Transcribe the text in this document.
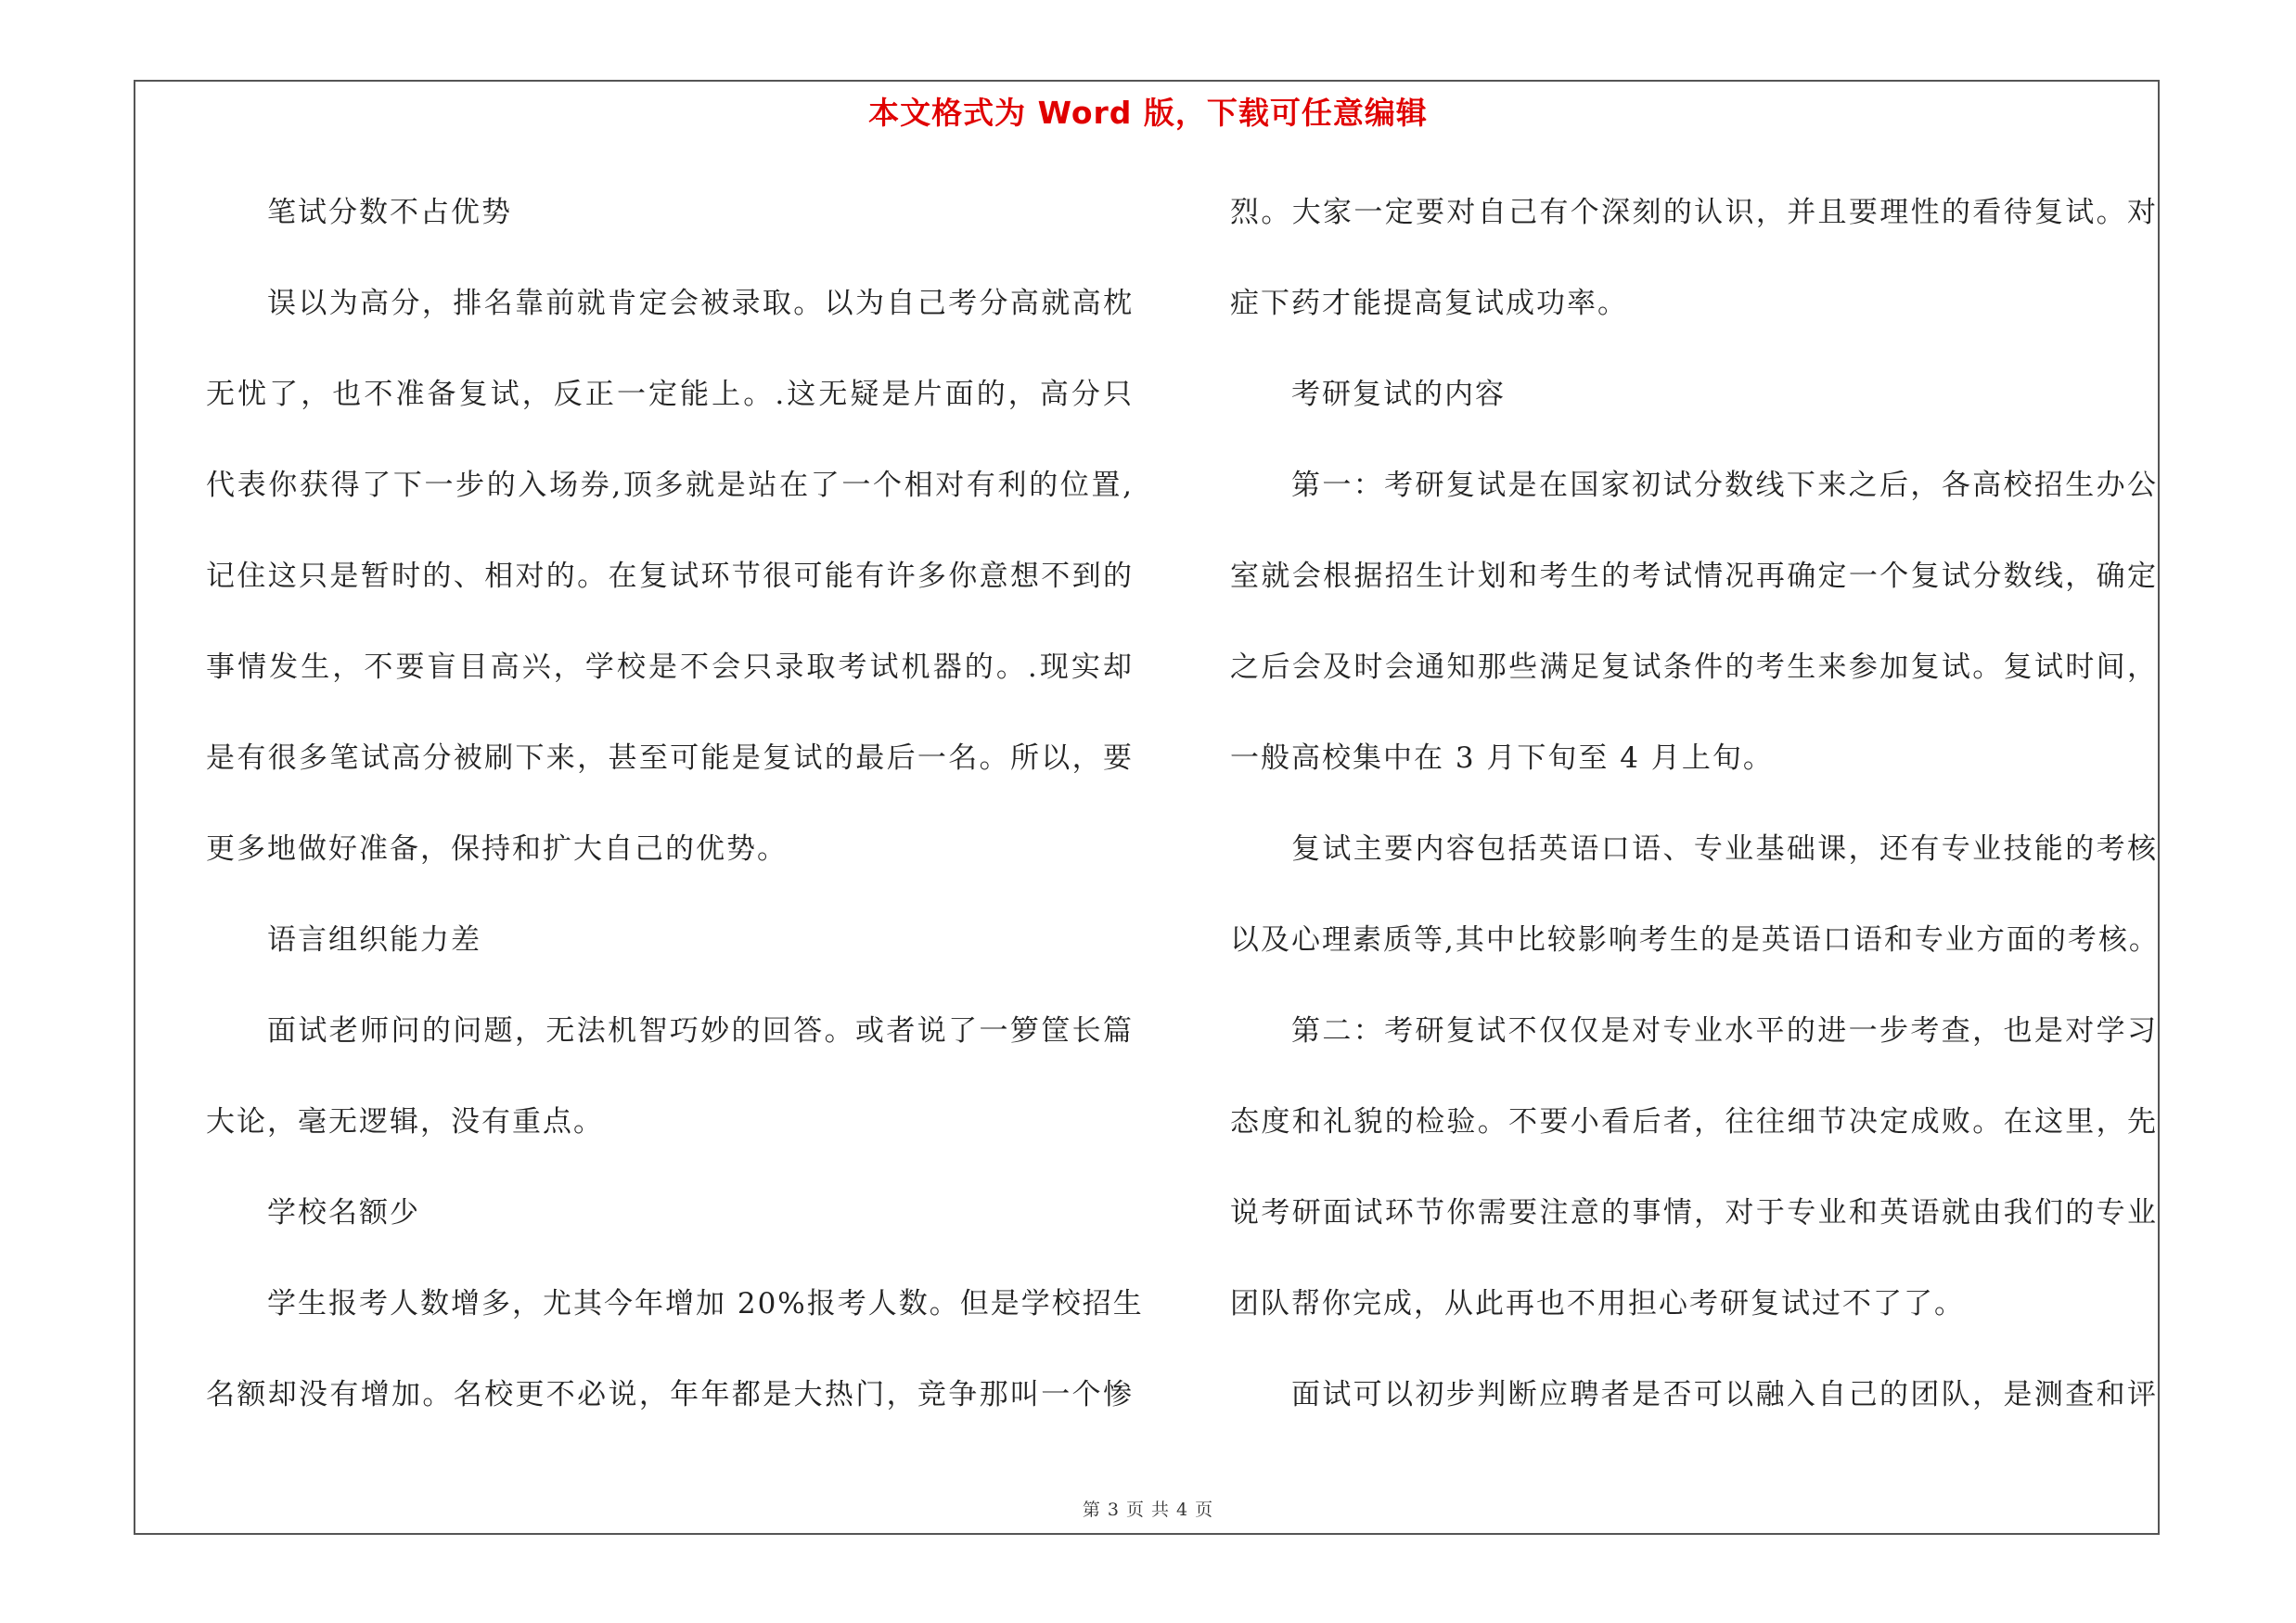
本文格式为 Word 版，下载可任意编辑
笔试分数不占优势
误以为高分，排名靠前就肯定会被录取。以为自己考分高就高枕
无忧了，也不准备复试，反正一定能上。.这无疑是片面的，高分只
代表你获得了下一步的入场券,顶多就是站在了一个相对有利的位置,
记住这只是暂时的、相对的。在复试环节很可能有许多你意想不到的
事情发生，不要盲目高兴，学校是不会只录取考试机器的。.现实却
是有很多笔试高分被刷下来，甚至可能是复试的最后一名。所以，要
更多地做好准备，保持和扩大自己的优势。
语言组织能力差
面试老师问的问题，无法机智巧妙的回答。或者说了一箩筐长篇
大论，毫无逻辑，没有重点。
学校名额少
学生报考人数增多，尤其今年增加 20%报考人数。但是学校招生
名额却没有增加。名校更不必说，年年都是大热门，竞争那叫一个惨
烈。大家一定要对自己有个深刻的认识，并且要理性的看待复试。对
症下药才能提高复试成功率。
考研复试的内容
第一：考研复试是在国家初试分数线下来之后，各高校招生办公
室就会根据招生计划和考生的考试情况再确定一个复试分数线，确定
之后会及时会通知那些满足复试条件的考生来参加复试。复试时间，
一般高校集中在 3 月下旬至 4 月上旬。
复试主要内容包括英语口语、专业基础课，还有专业技能的考核
以及心理素质等,其中比较影响考生的是英语口语和专业方面的考核。
第二：考研复试不仅仅是对专业水平的进一步考查，也是对学习
态度和礼貌的检验。不要小看后者，往往细节决定成败。在这里，先
说考研面试环节你需要注意的事情，对于专业和英语就由我们的专业
团队帮你完成，从此再也不用担心考研复试过不了了。
面试可以初步判断应聘者是否可以融入自己的团队，是测查和评
第 3 页 共 4 页
